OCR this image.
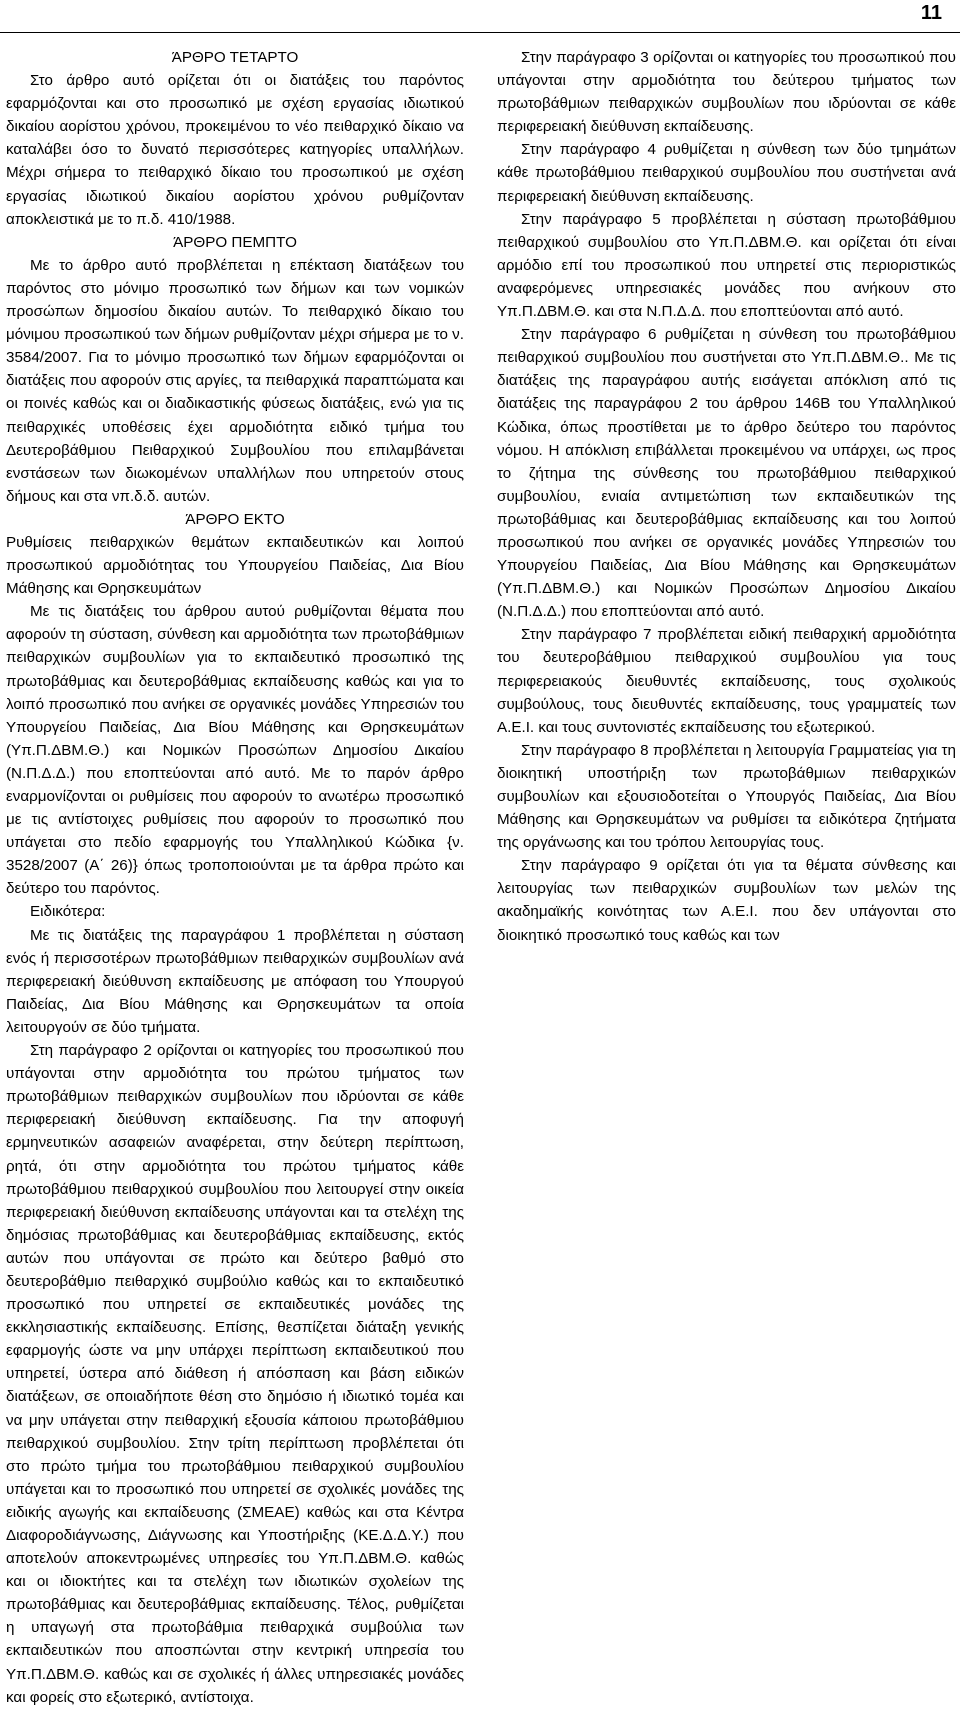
11

ΆΡΘΡΟ ΤΕΤΑΡΤΟ

Στο άρθρο αυτό ορίζεται ότι οι διατάξεις του παρόντος εφαρμόζονται και στο προσωπικό με σχέση εργασίας ιδιωτικού δικαίου αορίστου χρόνου, προκειμένου το νέο πειθαρχικό δίκαιο να καταλάβει όσο το δυνατό περισσότερες κατηγορίες υπαλλήλων. Μέχρι σήμερα το πειθαρχικό δίκαιο του προσωπικού με σχέση εργασίας ιδιωτικού δικαίου αορίστου χρόνου ρυθμίζονταν αποκλειστικά με το π.δ. 410/1988.

ΆΡΘΡΟ ΠΕΜΠΤΟ

Με το άρθρο αυτό προβλέπεται η επέκταση διατάξεων του παρόντος στο μόνιμο προσωπικό των δήμων και των νομικών προσώπων δημοσίου δικαίου αυτών. Το πειθαρχικό δίκαιο του μόνιμου προσωπικού των δήμων ρυθμίζονταν μέχρι σήμερα με το ν. 3584/2007. Για το μόνιμο προσωπικό των δήμων εφαρμόζονται οι διατάξεις που αφορούν στις αργίες, τα πειθαρχικά παραπτώματα και οι ποινές καθώς και οι διαδικαστικής φύσεως διατάξεις, ενώ για τις πειθαρχικές υποθέσεις έχει αρμοδιότητα ειδικό τμήμα του Δευτεροβάθμιου Πειθαρχικού Συμβουλίου που επιλαμβάνεται ενστάσεων των διωκομένων υπαλλήλων που υπηρετούν στους δήμους και στα νπ.δ.δ. αυτών.

ΆΡΘΡΟ ΕΚΤΟ

Ρυθμίσεις πειθαρχικών θεμάτων εκπαιδευτικών και λοιπού προσωπικού αρμοδιότητας του Υπουργείου Παιδείας, Δια Βίου Μάθησης και Θρησκευμάτων

Με τις διατάξεις του άρθρου αυτού ρυθμίζονται θέματα που αφορούν τη σύσταση, σύνθεση και αρμοδιότητα των πρωτοβάθμιων πειθαρχικών συμβουλίων για το εκπαιδευτικό προσωπικό της πρωτοβάθμιας και δευτεροβάθμιας εκπαίδευσης καθώς και για το λοιπό προσωπικό που ανήκει σε οργανικές μονάδες Υπηρεσιών του Υπουργείου Παιδείας, Δια Βίου Μάθησης και Θρησκευμάτων (Υπ.Π.ΔΒΜ.Θ.) και Νομικών Προσώπων Δημοσίου Δικαίου (Ν.Π.Δ.Δ.) που εποπτεύονται από αυτό. Με το παρόν άρθρο εναρμονίζονται οι ρυθμίσεις που αφορούν το ανωτέρω προσωπικό με τις αντίστοιχες ρυθμίσεις που αφορούν το προσωπικό που υπάγεται στο πεδίο εφαρμογής του Υπαλληλικού Κώδικα {ν. 3528/2007 (Α΄ 26)} όπως τροποποιούνται με τα άρθρα πρώτο και δεύτερο του παρόντος.

Ειδικότερα:

Με τις διατάξεις της παραγράφου 1 προβλέπεται η σύσταση ενός ή περισσοτέρων πρωτοβάθμιων πειθαρχικών συμβουλίων ανά περιφερειακή διεύθυνση εκπαίδευσης με απόφαση του Υπουργού Παιδείας, Δια Βίου Μάθησης και Θρησκευμάτων τα οποία λειτουργούν σε δύο τμήματα.

Στη παράγραφο 2 ορίζονται οι κατηγορίες του προσωπικού που υπάγονται στην αρμοδιότητα του πρώτου τμήματος των πρωτοβάθμιων πειθαρχικών συμβουλίων που ιδρύονται σε κάθε περιφερειακή διεύθυνση εκπαίδευσης. Για την αποφυγή ερμηνευτικών ασαφειών αναφέρεται, στην δεύτερη περίπτωση, ρητά, ότι στην αρμοδιότητα του πρώτου τμήματος κάθε πρωτοβάθμιου πειθαρχικού συμβουλίου που λειτουργεί στην οικεία περιφερειακή διεύθυνση εκπαίδευσης υπάγονται και τα στελέχη της δημόσιας πρωτοβάθμιας και δευτεροβάθμιας εκπαίδευσης, εκτός αυτών που υπάγονται σε πρώτο και δεύτερο βαθμό στο δευτεροβάθμιο πειθαρχικό συμβούλιο καθώς και το εκπαιδευτικό προσωπικό που υπηρετεί σε εκπαιδευτικές μονάδες της εκκλησιαστικής εκπαίδευσης. Επίσης, θεσπίζεται διάταξη γενικής εφαρμογής ώστε να μην υπάρχει περίπτωση εκπαιδευτικού που υπηρετεί, ύστερα από διάθεση ή απόσπαση και βάση ειδικών διατάξεων, σε οποιαδήποτε θέση στο δημόσιο ή ιδιωτικό τομέα και να μην υπάγεται στην πειθαρχική εξουσία κάποιου πρωτοβάθμιου πειθαρχικού συμβουλίου. Στην τρίτη περίπτωση προβλέπεται ότι στο πρώτο τμήμα του πρωτοβάθμιου πειθαρχικού συμβουλίου υπάγεται και το προσωπικό που υπηρετεί σε σχολικές μονάδες της ειδικής αγωγής και εκπαίδευσης (ΣΜΕΑΕ) καθώς και στα Κέντρα Διαφοροδιάγνωσης, Διάγνωσης και Υποστήριξης (ΚΕ.Δ.Δ.Υ.) που αποτελούν αποκεντρωμένες υπηρεσίες του Υπ.Π.ΔΒΜ.Θ. καθώς και οι ιδιοκτήτες και τα στελέχη των ιδιωτικών σχολείων της πρωτοβάθμιας και δευτεροβάθμιας εκπαίδευσης. Τέλος, ρυθμίζεται η υπαγωγή στα πρωτοβάθμια πειθαρχικά συμβούλια των εκπαιδευτικών που αποσπώνται στην κεντρική υπηρεσία του Υπ.Π.ΔΒΜ.Θ. καθώς και σε σχολικές ή άλλες υπηρεσιακές μονάδες και φορείς στο εξωτερικό, αντίστοιχα.

Στην παράγραφο 3 ορίζονται οι κατηγορίες του προσωπικού που υπάγονται στην αρμοδιότητα του δεύτερου τμήματος των πρωτοβάθμιων πειθαρχικών συμβουλίων που ιδρύονται σε κάθε περιφερειακή διεύθυνση εκπαίδευσης.

Στην παράγραφο 4 ρυθμίζεται η σύνθεση των δύο τμημάτων κάθε πρωτοβάθμιου πειθαρχικού συμβουλίου που συστήνεται ανά περιφερειακή διεύθυνση εκπαίδευσης.

Στην παράγραφο 5 προβλέπεται η σύσταση πρωτοβάθμιου πειθαρχικού συμβουλίου στο Υπ.Π.ΔΒΜ.Θ. και ορίζεται ότι είναι αρμόδιο επί του προσωπικού που υπηρετεί στις περιοριστικώς αναφερόμενες υπηρεσιακές μονάδες που ανήκουν στο Υπ.Π.ΔΒΜ.Θ. και στα Ν.Π.Δ.Δ. που εποπτεύονται από αυτό.

Στην παράγραφο 6 ρυθμίζεται η σύνθεση του πρωτοβάθμιου πειθαρχικού συμβουλίου που συστήνεται στο Υπ.Π.ΔΒΜ.Θ.. Με τις διατάξεις της παραγράφου αυτής εισάγεται απόκλιση από τις διατάξεις της παραγράφου 2 του άρθρου 146Β του Υπαλληλικού Κώδικα, όπως προστίθεται με το άρθρο δεύτερο του παρόντος νόμου. Η απόκλιση επιβάλλεται προκειμένου να υπάρχει, ως προς το ζήτημα της σύνθεσης του πρωτοβάθμιου πειθαρχικού συμβουλίου, ενιαία αντιμετώπιση των εκπαιδευτικών της πρωτοβάθμιας και δευτεροβάθμιας εκπαίδευσης και του λοιπού προσωπικού που ανήκει σε οργανικές μονάδες Υπηρεσιών του Υπουργείου Παιδείας, Δια Βίου Μάθησης και Θρησκευμάτων (Υπ.Π.ΔΒΜ.Θ.) και Νομικών Προσώπων Δημοσίου Δικαίου (Ν.Π.Δ.Δ.) που εποπτεύονται από αυτό.

Στην παράγραφο 7 προβλέπεται ειδική πειθαρχική αρμοδιότητα του δευτεροβάθμιου πειθαρχικού συμβουλίου για τους περιφερειακούς διευθυντές εκπαίδευσης, τους σχολικούς συμβούλους, τους διευθυντές εκπαίδευσης, τους γραμματείς των Α.Ε.Ι. και τους συντονιστές εκπαίδευσης του εξωτερικού.

Στην παράγραφο 8 προβλέπεται η λειτουργία Γραμματείας για τη διοικητική υποστήριξη των πρωτοβάθμιων πειθαρχικών συμβουλίων και εξουσιοδοτείται ο Υπουργός Παιδείας, Δια Βίου Μάθησης και Θρησκευμάτων να ρυθμίσει τα ειδικότερα ζητήματα της οργάνωσης και του τρόπου λειτουργίας τους.

Στην παράγραφο 9 ορίζεται ότι για τα θέματα σύνθεσης και λειτουργίας των πειθαρχικών συμβουλίων των μελών της ακαδημαϊκής κοινότητας των Α.Ε.Ι. που δεν υπάγονται στο διοικητικό προσωπικό τους καθώς και των
